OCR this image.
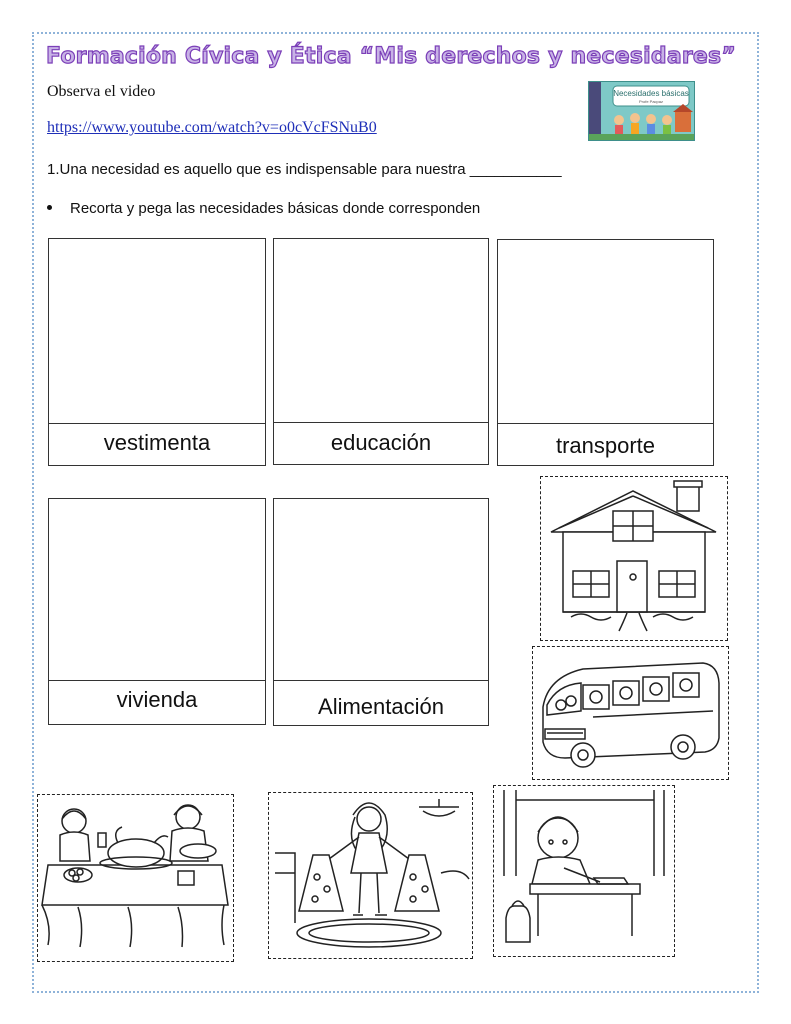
Formación Cívica y Ética “Mis derechos y necesidares”
Observa el video
https://www.youtube.com/watch?v=o0cVcFSNuB0
Necesidades básicas
Profe Pacpaz
1.Una necesidad es aquello que es indispensable para nuestra ___________
Recorta y pega las necesidades básicas donde corresponden
vestimenta	educación	transporte
vivienda	Alimentación
